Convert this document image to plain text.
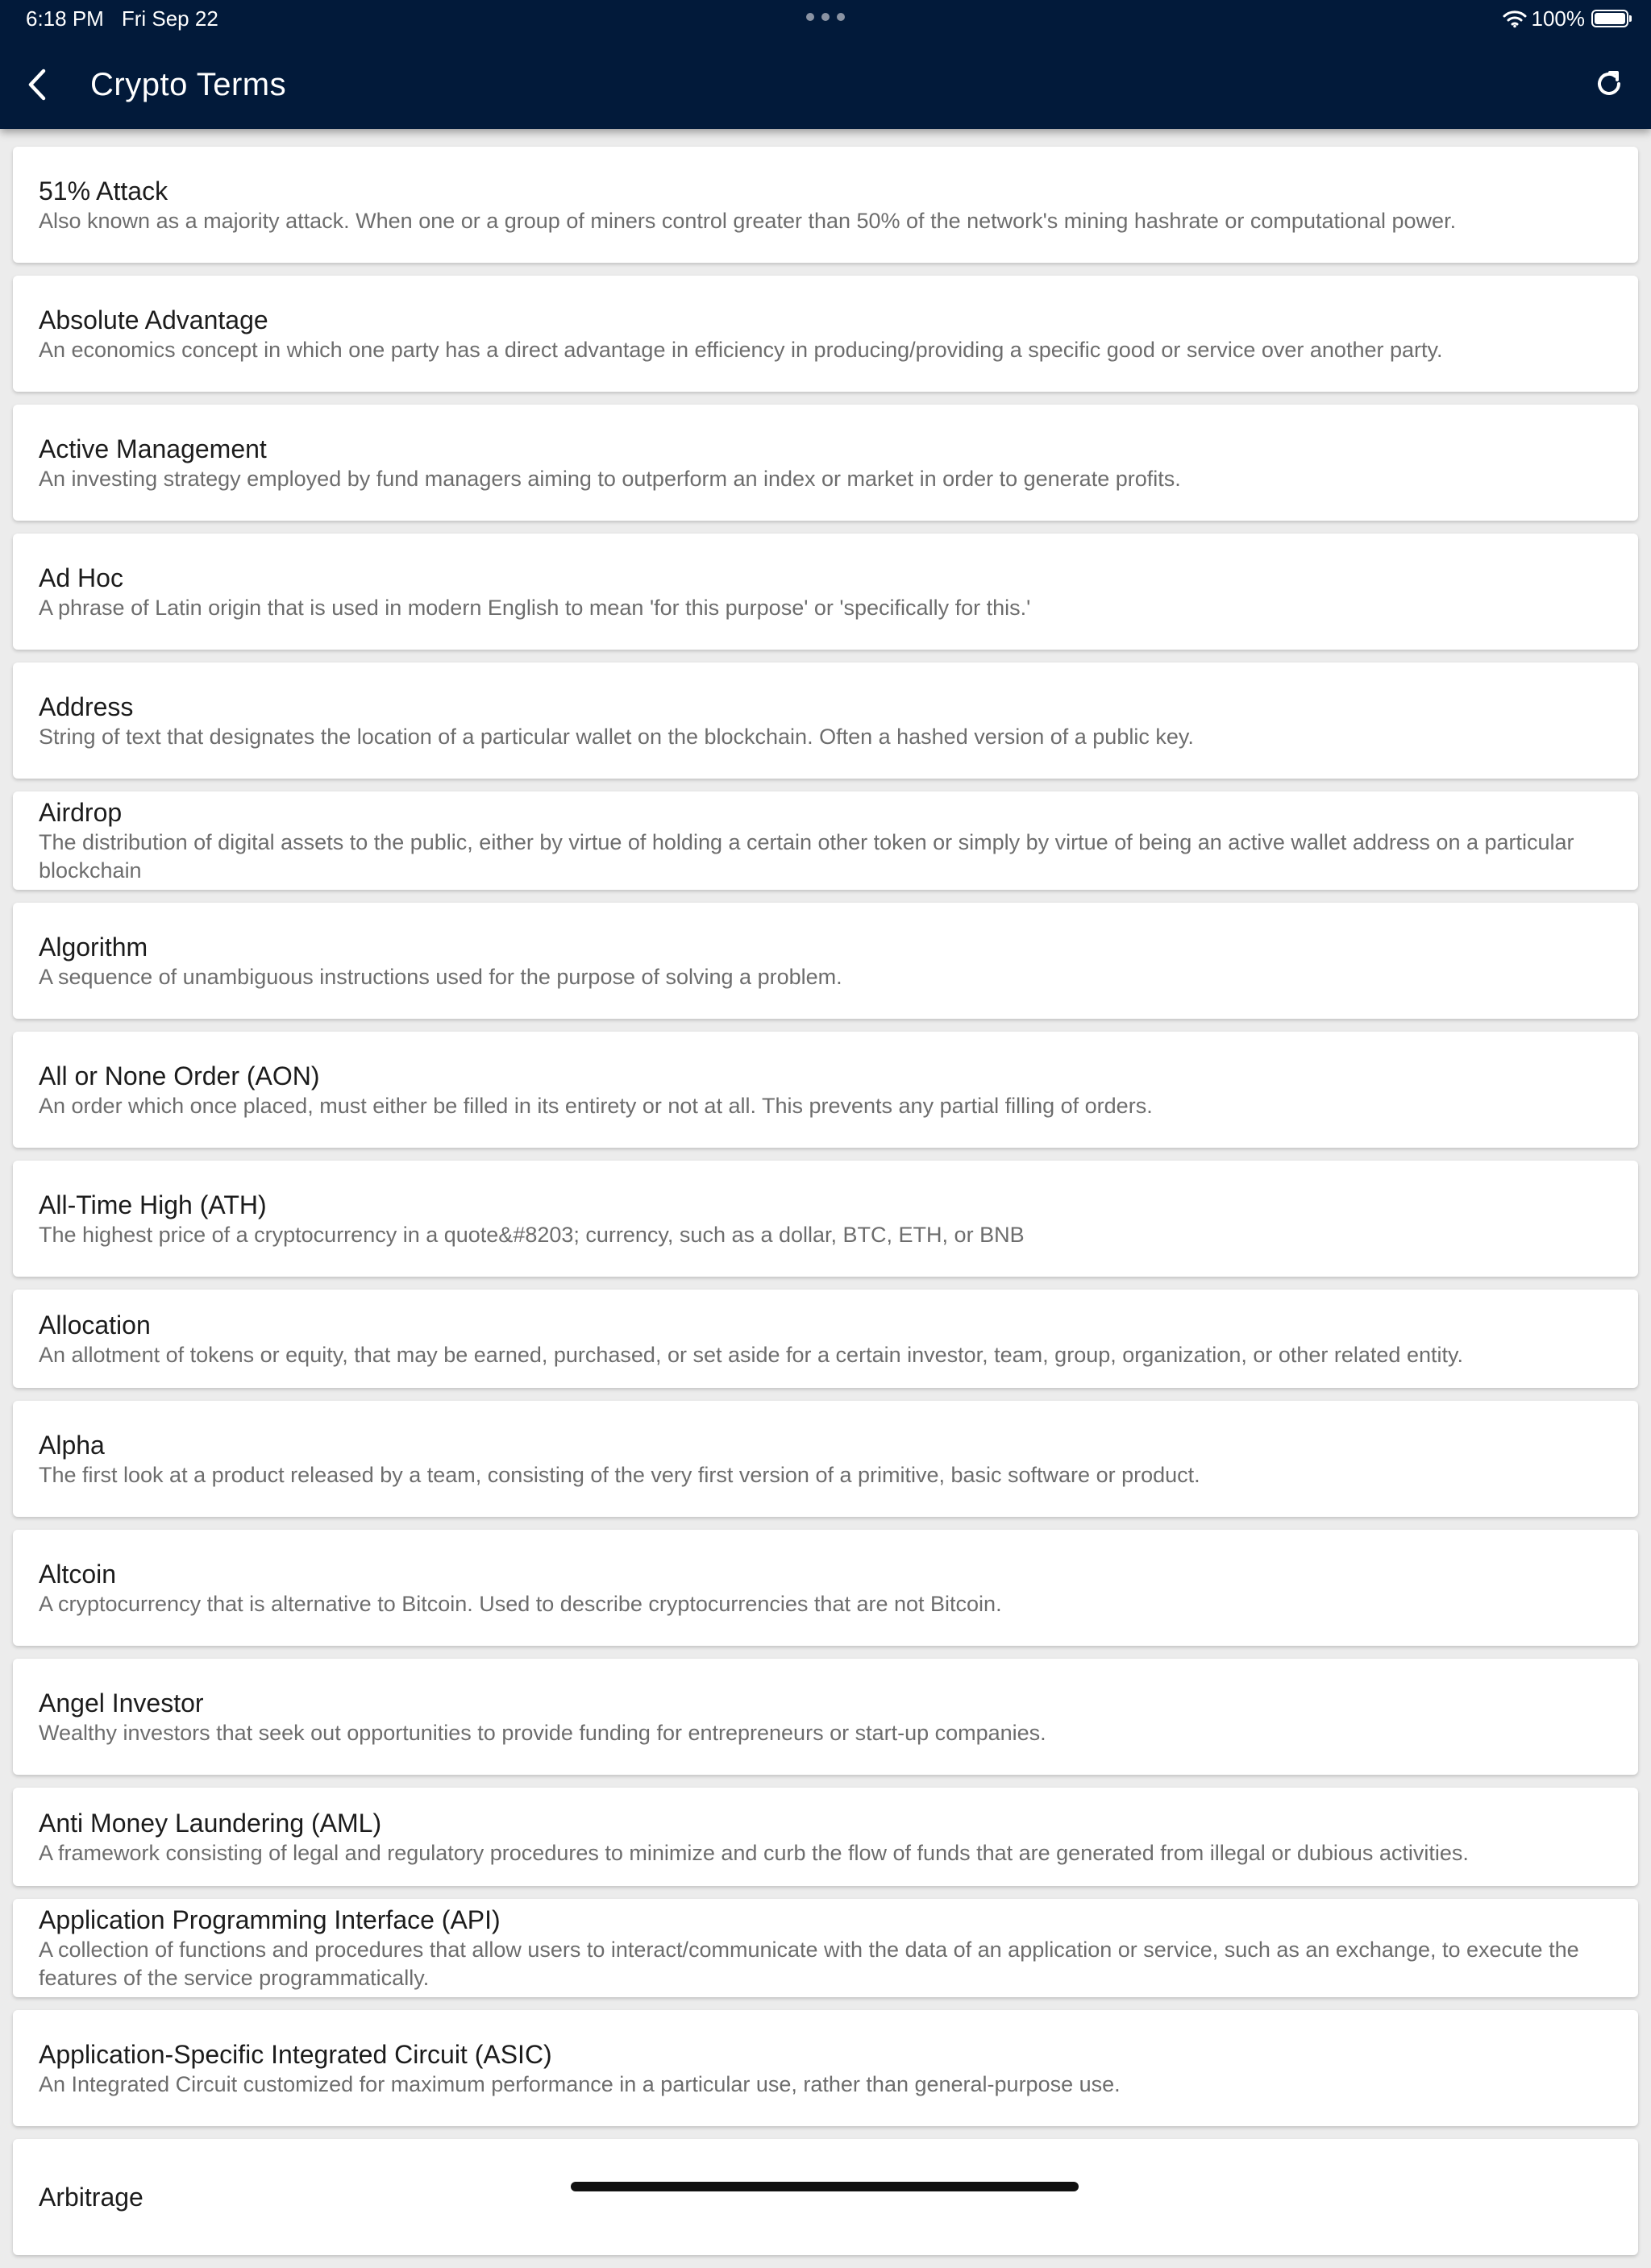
6:18 PM Fri Sep 22	100%
Crypto Terms
51% Attack
Also known as a majority attack. When one or a group of miners control greater than 50% of the network's mining hashrate or computational power.
Absolute Advantage
An economics concept in which one party has a direct advantage in efficiency in producing/providing a specific good or service over another party.
Active Management
An investing strategy employed by fund managers aiming to outperform an index or market in order to generate profits.
Ad Hoc
A phrase of Latin origin that is used in modern English to mean 'for this purpose' or 'specifically for this.'
Address
String of text that designates the location of a particular wallet on the blockchain. Often a hashed version of a public key.
Airdrop
The distribution of digital assets to the public, either by virtue of holding a certain other token or simply by virtue of being an active wallet address on a particular blockchain
Algorithm
A sequence of unambiguous instructions used for the purpose of solving a problem.
All or None Order (AON)
An order which once placed, must either be filled in its entirety or not at all. This prevents any partial filling of orders.
All-Time High (ATH)
The highest price of a cryptocurrency in a quote&#8203; currency, such as a dollar, BTC, ETH, or BNB
Allocation
An allotment of tokens or equity, that may be earned, purchased, or set aside for a certain investor, team, group, organization, or other related entity.
Alpha
The first look at a product released by a team, consisting of the very first version of a primitive, basic software or product.
Altcoin
A cryptocurrency that is alternative to Bitcoin. Used to describe cryptocurrencies that are not Bitcoin.
Angel Investor
Wealthy investors that seek out opportunities to provide funding for entrepreneurs or start-up companies.
Anti Money Laundering (AML)
A framework consisting of legal and regulatory procedures to minimize and curb the flow of funds that are generated from illegal or dubious activities.
Application Programming Interface (API)
A collection of functions and procedures that allow users to interact/communicate with the data of an application or service, such as an exchange, to execute the features of the service programmatically.
Application-Specific Integrated Circuit (ASIC)
An Integrated Circuit customized for maximum performance in a particular use, rather than general-purpose use.
Arbitrage
